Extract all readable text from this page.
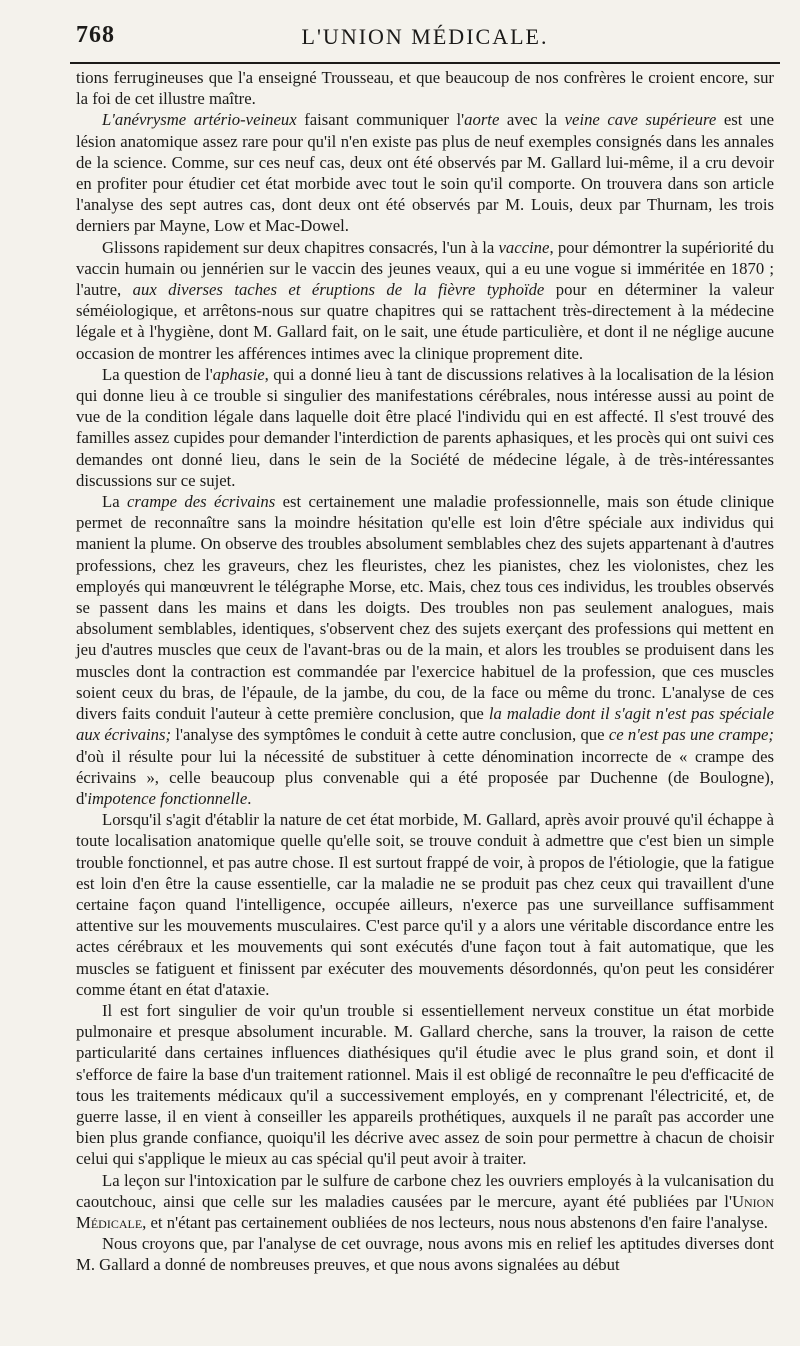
768	L'UNION MÉDICALE.

tions ferrugineuses que l'a enseigné Trousseau, et que beaucoup de nos confrères le croient encore, sur la foi de cet illustre maître.

L'anévrysme artério-veineux faisant communiquer l'aorte avec la veine cave supérieure est une lésion anatomique assez rare pour qu'il n'en existe pas plus de neuf exemples consignés dans les annales de la science. Comme, sur ces neuf cas, deux ont été observés par M. Gallard lui-même, il a cru devoir en profiter pour étudier cet état morbide avec tout le soin qu'il comporte. On trouvera dans son article l'analyse des sept autres cas, dont deux ont été observés par M. Louis, deux par Thurnam, les trois derniers par Mayne, Low et Mac-Dowel.

Glissons rapidement sur deux chapitres consacrés, l'un à la vaccine, pour démontrer la supériorité du vaccin humain ou jennérien sur le vaccin des jeunes veaux, qui a eu une vogue si imméritée en 1870 ; l'autre, aux diverses taches et éruptions de la fièvre typhoïde pour en déterminer la valeur séméiologique, et arrêtons-nous sur quatre chapitres qui se rattachent très-directement à la médecine légale et à l'hygiène, dont M. Gallard fait, on le sait, une étude particulière, et dont il ne néglige aucune occasion de montrer les afférences intimes avec la clinique proprement dite.

La question de l'aphasie, qui a donné lieu à tant de discussions relatives à la localisation de la lésion qui donne lieu à ce trouble si singulier des manifestations cérébrales, nous intéresse aussi au point de vue de la condition légale dans laquelle doit être placé l'individu qui en est affecté. Il s'est trouvé des familles assez cupides pour demander l'interdiction de parents aphasiques, et les procès qui ont suivi ces demandes ont donné lieu, dans le sein de la Société de médecine légale, à de très-intéressantes discussions sur ce sujet.

La crampe des écrivains est certainement une maladie professionnelle, mais son étude clinique permet de reconnaître sans la moindre hésitation qu'elle est loin d'être spéciale aux individus qui manient la plume. On observe des troubles absolument semblables chez des sujets appartenant à d'autres professions, chez les graveurs, chez les fleuristes, chez les pianistes, chez les violonistes, chez les employés qui manœuvrent le télégraphe Morse, etc. Mais, chez tous ces individus, les troubles observés se passent dans les mains et dans les doigts. Des troubles non pas seulement analogues, mais absolument semblables, identiques, s'observent chez des sujets exerçant des professions qui mettent en jeu d'autres muscles que ceux de l'avant-bras ou de la main, et alors les troubles se produisent dans les muscles dont la contraction est commandée par l'exercice habituel de la profession, que ces muscles soient ceux du bras, de l'épaule, de la jambe, du cou, de la face ou même du tronc. L'analyse de ces divers faits conduit l'auteur à cette première conclusion, que la maladie dont il s'agit n'est pas spéciale aux écrivains; l'analyse des symptômes le conduit à cette autre conclusion, que ce n'est pas une crampe; d'où il résulte pour lui la nécessité de substituer à cette dénomination incorrecte de « crampe des écrivains », celle beaucoup plus convenable qui a été proposée par Duchenne (de Boulogne), d'impotence fonctionnelle.

Lorsqu'il s'agit d'établir la nature de cet état morbide, M. Gallard, après avoir prouvé qu'il échappe à toute localisation anatomique quelle qu'elle soit, se trouve conduit à admettre que c'est bien un simple trouble fonctionnel, et pas autre chose. Il est surtout frappé de voir, à propos de l'étiologie, que la fatigue est loin d'en être la cause essentielle, car la maladie ne se produit pas chez ceux qui travaillent d'une certaine façon quand l'intelligence, occupée ailleurs, n'exerce pas une surveillance suffisamment attentive sur les mouvements musculaires. C'est parce qu'il y a alors une véritable discordance entre les actes cérébraux et les mouvements qui sont exécutés d'une façon tout à fait automatique, que les muscles se fatiguent et finissent par exécuter des mouvements désordonnés, qu'on peut les considérer comme étant en état d'ataxie.

Il est fort singulier de voir qu'un trouble si essentiellement nerveux constitue un état morbide pulmonaire et presque absolument incurable. M. Gallard cherche, sans la trouver, la raison de cette particularité dans certaines influences diathésiques qu'il étudie avec le plus grand soin, et dont il s'efforce de faire la base d'un traitement rationnel. Mais il est obligé de reconnaître le peu d'efficacité de tous les traitements médicaux qu'il a successivement employés, en y comprenant l'électricité, et, de guerre lasse, il en vient à conseiller les appareils prothétiques, auxquels il ne paraît pas accorder une bien plus grande confiance, quoiqu'il les décrive avec assez de soin pour permettre à chacun de choisir celui qui s'applique le mieux au cas spécial qu'il peut avoir à traiter.

La leçon sur l'intoxication par le sulfure de carbone chez les ouvriers employés à la vulcanisation du caoutchouc, ainsi que celle sur les maladies causées par le mercure, ayant été publiées par l'Union Médicale, et n'étant pas certainement oubliées de nos lecteurs, nous nous abstenons d'en faire l'analyse.

Nous croyons que, par l'analyse de cet ouvrage, nous avons mis en relief les aptitudes diverses dont M. Gallard a donné de nombreuses preuves, et que nous avons signalées au début
